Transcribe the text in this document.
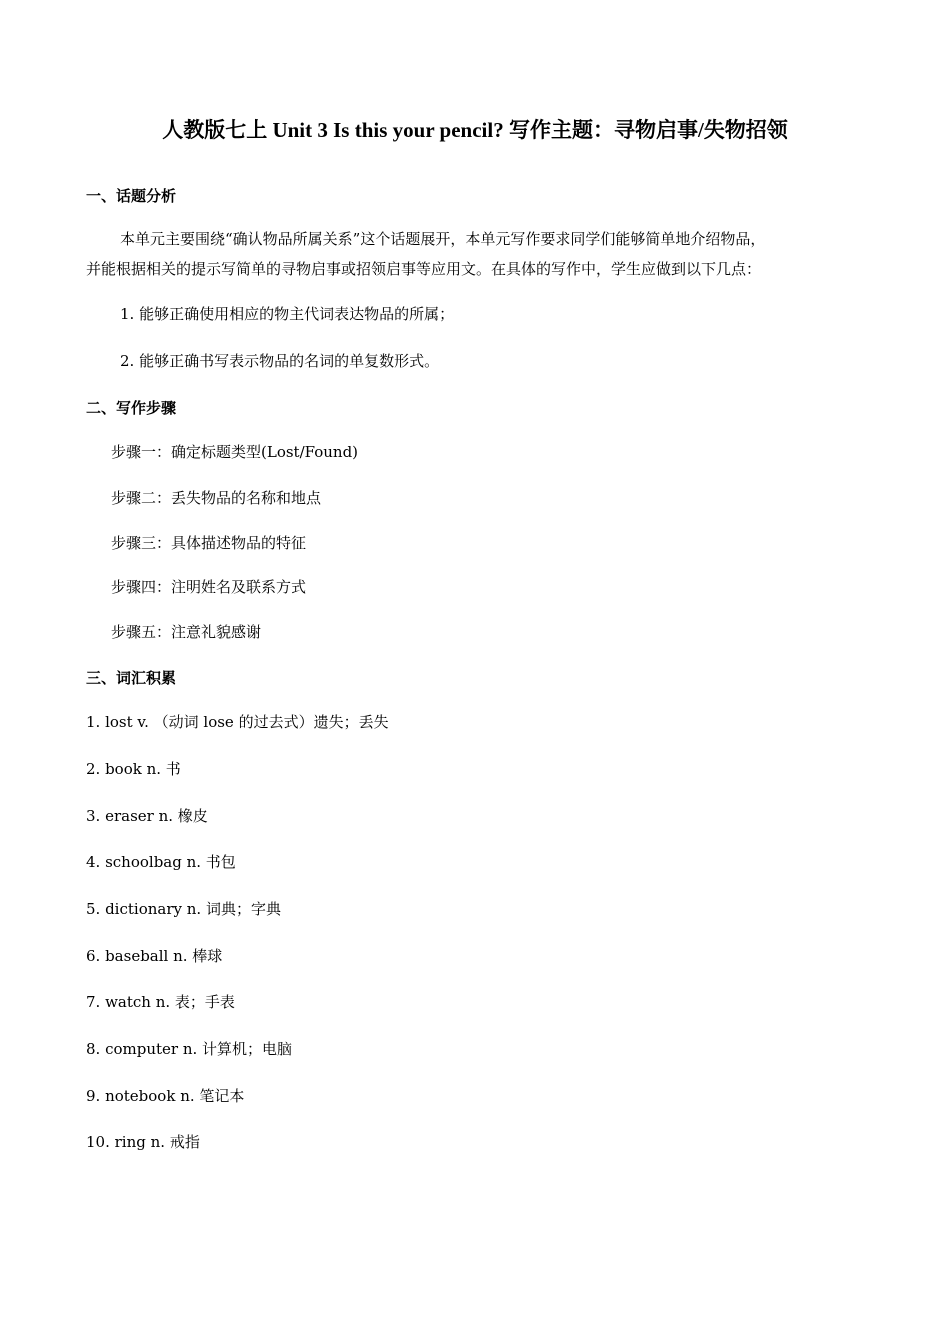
人教版七上 Unit 3 Is this your pencil? 写作主题：寻物启事/失物招领
一、话题分析
本单元主要围绕“确认物品所属关系”这个话题展开，本单元写作要求同学们能够简单地介绍物品，
并能根据相关的提示写简单的寻物启事或招领启事等应用文。在具体的写作中，学生应做到以下几点：
1. 能够正确使用相应的物主代词表达物品的所属；
2. 能够正确书写表示物品的名词的单复数形式。
二、写作步骤
步骤一：确定标题类型(Lost/Found)
步骤二：丢失物品的名称和地点
步骤三：具体描述物品的特征
步骤四：注明姓名及联系方式
步骤五：注意礼貌感谢
三、词汇积累
1. lost v. （动词 lose 的过去式）遗失；丢失
2. book n. 书
3. eraser n. 橡皮
4. schoolbag n. 书包
5. dictionary n. 词典；字典
6. baseball n. 棒球
7. watch n. 表；手表
8. computer n. 计算机；电脑
9. notebook n. 笔记本
10. ring n. 戒指
